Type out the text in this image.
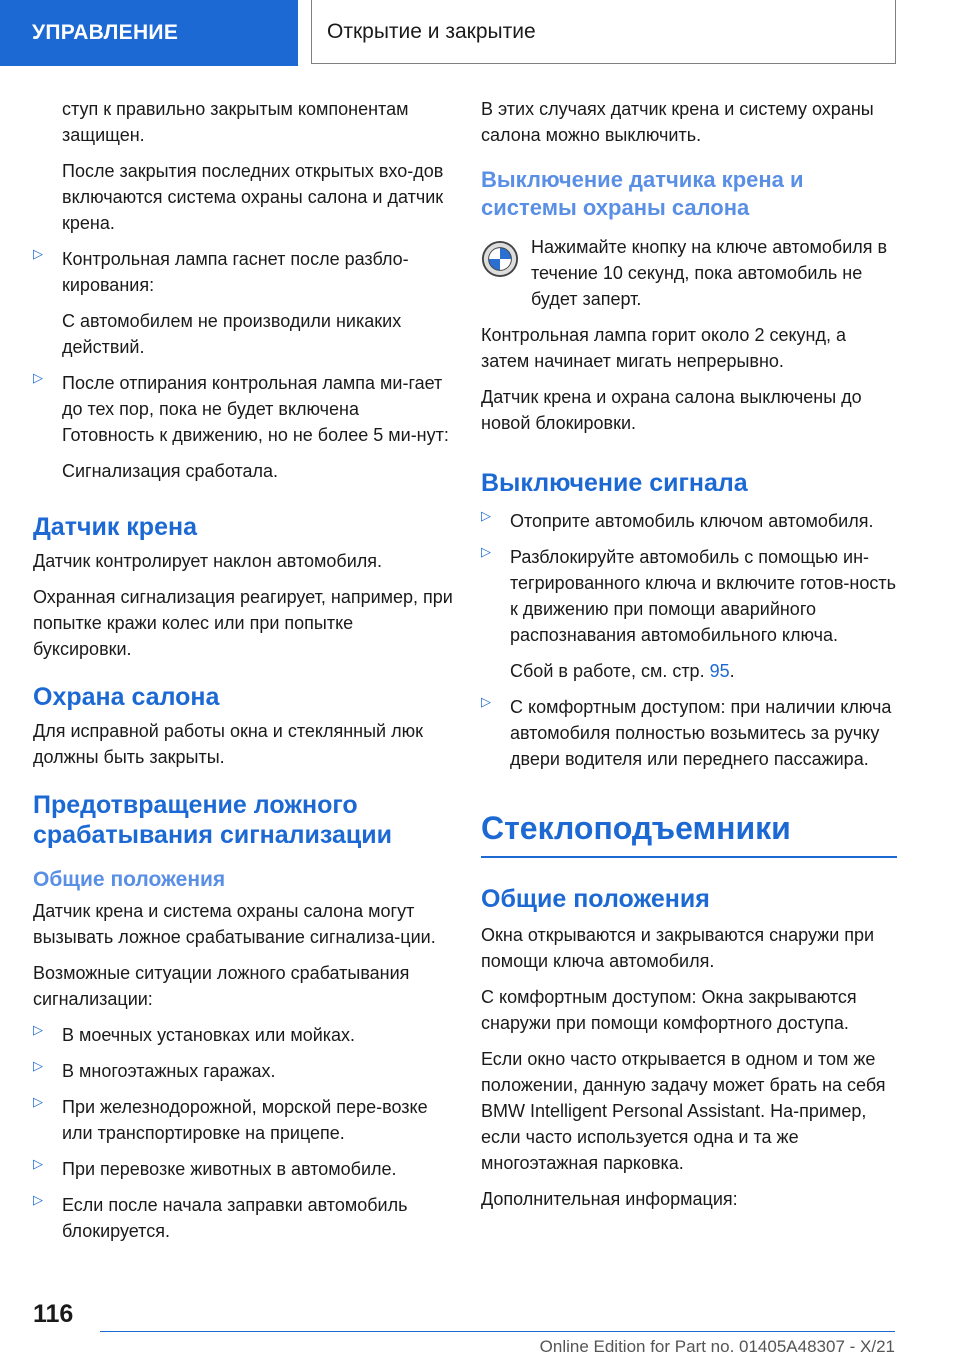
УПРАВЛЕНИЕ	Открытие и закрытие

ступ к правильно закрытым компонентам защищен.

После закрытия последних открытых вхо-дов включаются система охраны салона и датчик крена.

▷ Контрольная лампа гаснет после разбло-кирования:

С автомобилем не производили никаких действий.

▷ После отпирания контрольная лампа ми-гает до тех пор, пока не будет включена Готовность к движению, но не более 5 ми-нут:

Сигнализация сработала.

Датчик крена

Датчик контролирует наклон автомобиля.

Охранная сигнализация реагирует, например, при попытке кражи колес или при попытке буксировки.

Охрана салона

Для исправной работы окна и стеклянный люк должны быть закрыты.

Предотвращение ложного срабатывания сигнализации
Общие положения

Датчик крена и система охраны салона могут вызывать ложное срабатывание сигнализа-ции.

Возможные ситуации ложного срабатывания сигнализации:

▷ В моечных установках или мойках.

▷ В многоэтажных гаражах.

▷ При железнодорожной, морской пере-возке или транспортировке на прицепе.

▷ При перевозке животных в автомобиле.

▷ Если после начала заправки автомобиль блокируется.

В этих случаях датчик крена и систему охраны салона можно выключить.

Выключение датчика крена и системы охраны салона

Нажимайте кнопку на ключе автомобиля в течение 10 секунд, пока автомобиль не будет заперт.

Контрольная лампа горит около 2 секунд, а затем начинает мигать непрерывно.

Датчик крена и охрана салона выключены до новой блокировки.

Выключение сигнала
▷ Отоприте автомобиль ключом автомобиля.

▷ Разблокируйте автомобиль с помощью ин-тегрированного ключа и включите готов-ность к движению при помощи аварийного распознавания автомобильного ключа.

Сбой в работе, см. стр. 95.

▷ С комфортным доступом: при наличии ключа автомобиля полностью возьмитесь за ручку двери водителя или переднего пассажира.

Стеклоподъемники
Общие положения

Окна открываются и закрываются снаружи при помощи ключа автомобиля.

С комфортным доступом: Окна закрываются снаружи при помощи комфортного доступа.

Если окно часто открывается в одном и том же положении, данную задачу может брать на себя BMW Intelligent Personal Assistant. На-пример, если часто используется одна и та же многоэтажная парковка.

Дополнительная информация:

116
Online Edition for Part no. 01405A48307 - X/21
